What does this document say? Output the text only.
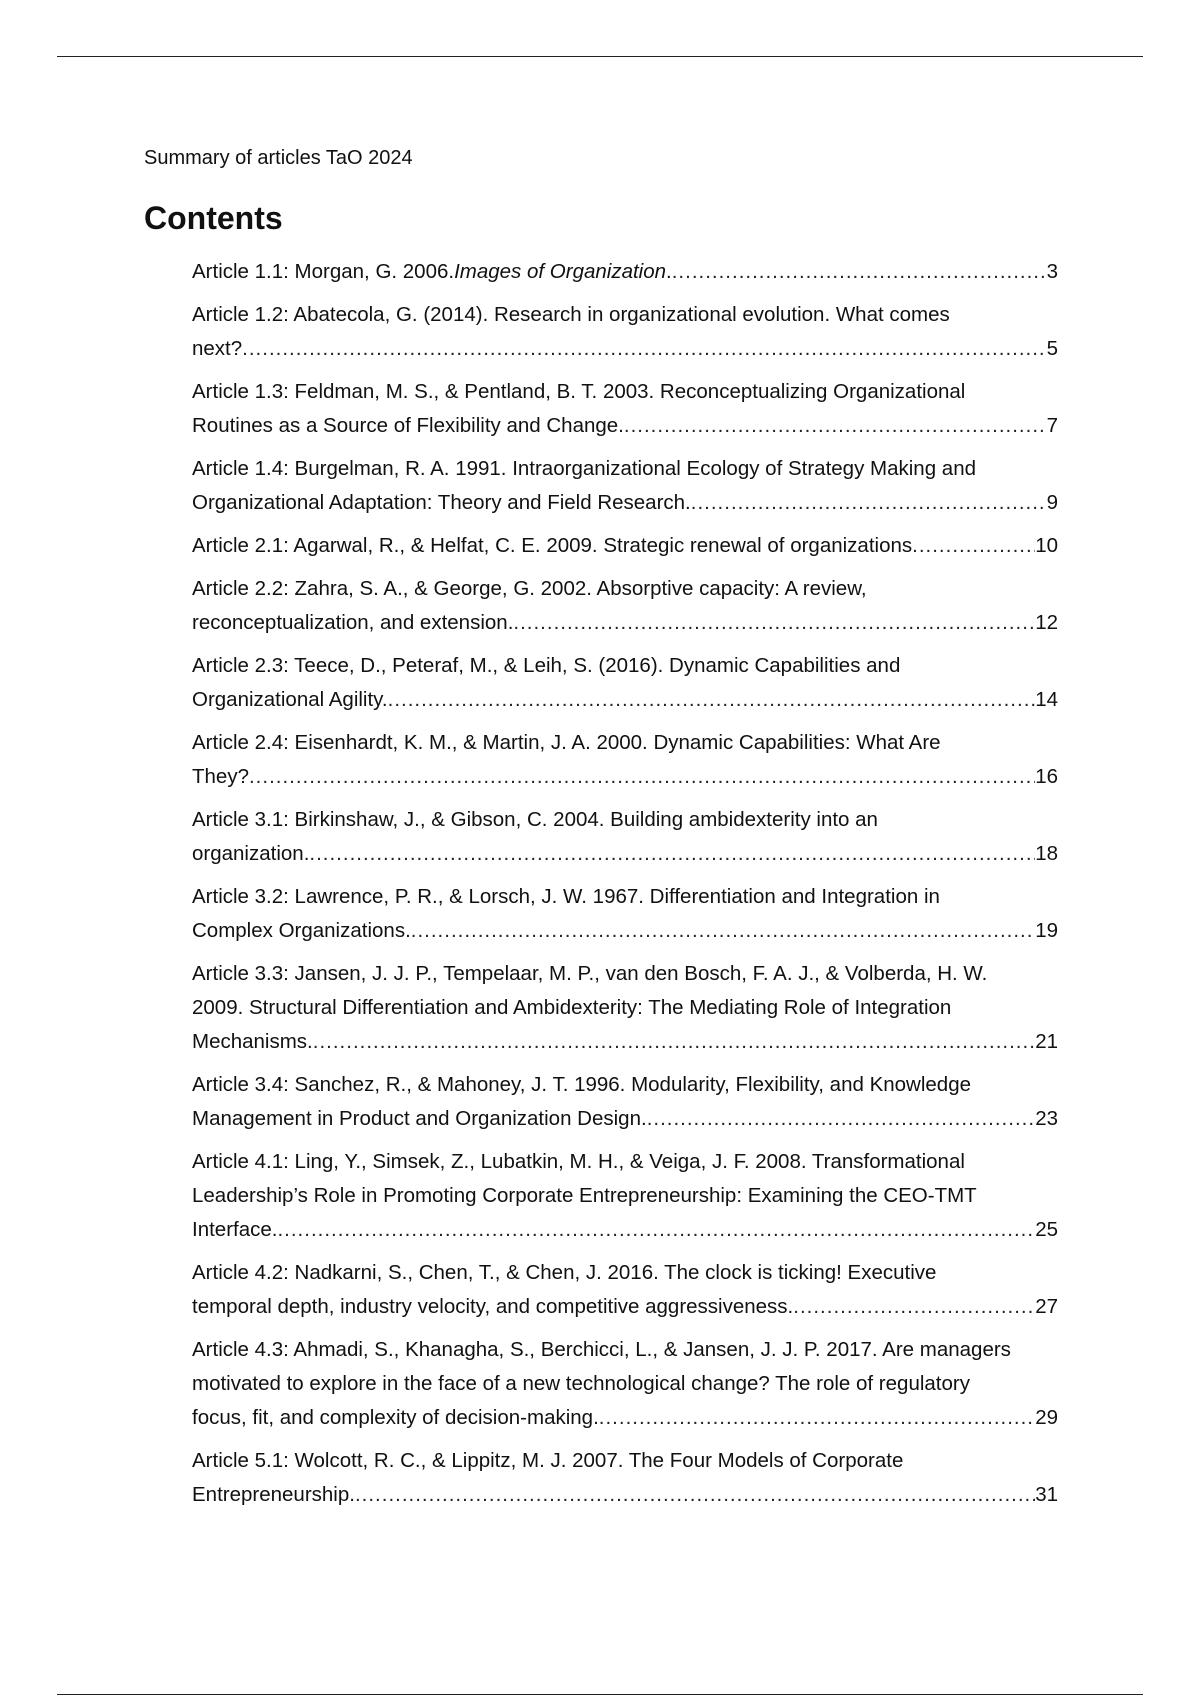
Summary of articles TaO 2024
Contents
Article 1.1: Morgan, G. 2006. Images of Organization . .....	3
Article 1.2: Abatecola, G. (2014). Research in organizational evolution. What comes
next? .....	5
Article 1.3: Feldman, M. S., & Pentland, B. T. 2003. Reconceptualizing Organizational
Routines as a Source of Flexibility and Change. .....	7
Article 1.4: Burgelman, R. A. 1991. Intraorganizational Ecology of Strategy Making and
Organizational Adaptation: Theory and Field Research. .....	9
Article 2.1: Agarwal, R., & Helfat, C. E. 2009. Strategic renewal of organizations .....	10
Article 2.2: Zahra, S. A., & George, G. 2002. Absorptive capacity: A review,
reconceptualization, and extension. .....	12
Article 2.3: Teece, D., Peteraf, M., & Leih, S. (2016). Dynamic Capabilities and
Organizational Agility. .....	14
Article 2.4: Eisenhardt, K. M., & Martin, J. A. 2000. Dynamic Capabilities: What Are
They? .....	16
Article 3.1: Birkinshaw, J., & Gibson, C. 2004. Building ambidexterity into an
organization. .....	18
Article 3.2: Lawrence, P. R., & Lorsch, J. W. 1967. Differentiation and Integration in
Complex Organizations. .....	19
Article 3.3: Jansen, J. J. P., Tempelaar, M. P., van den Bosch, F. A. J., & Volberda, H. W.
2009. Structural Differentiation and Ambidexterity: The Mediating Role of Integration
Mechanisms. .....	21
Article 3.4: Sanchez, R., & Mahoney, J. T. 1996. Modularity, Flexibility, and Knowledge
Management in Product and Organization Design. .....	23
Article 4.1: Ling, Y., Simsek, Z., Lubatkin, M. H., & Veiga, J. F. 2008. Transformational
Leadership’s Role in Promoting Corporate Entrepreneurship: Examining the CEO-TMT
Interface. .....	25
Article 4.2: Nadkarni, S., Chen, T., & Chen, J. 2016. The clock is ticking! Executive
temporal depth, industry velocity, and competitive aggressiveness. .....	27
Article 4.3: Ahmadi, S., Khanagha, S., Berchicci, L., & Jansen, J. J. P. 2017. Are managers
motivated to explore in the face of a new technological change? The role of regulatory
focus, fit, and complexity of decision-making. .....	29
Article 5.1: Wolcott, R. C., & Lippitz, M. J. 2007. The Four Models of Corporate
Entrepreneurship. .....	31
